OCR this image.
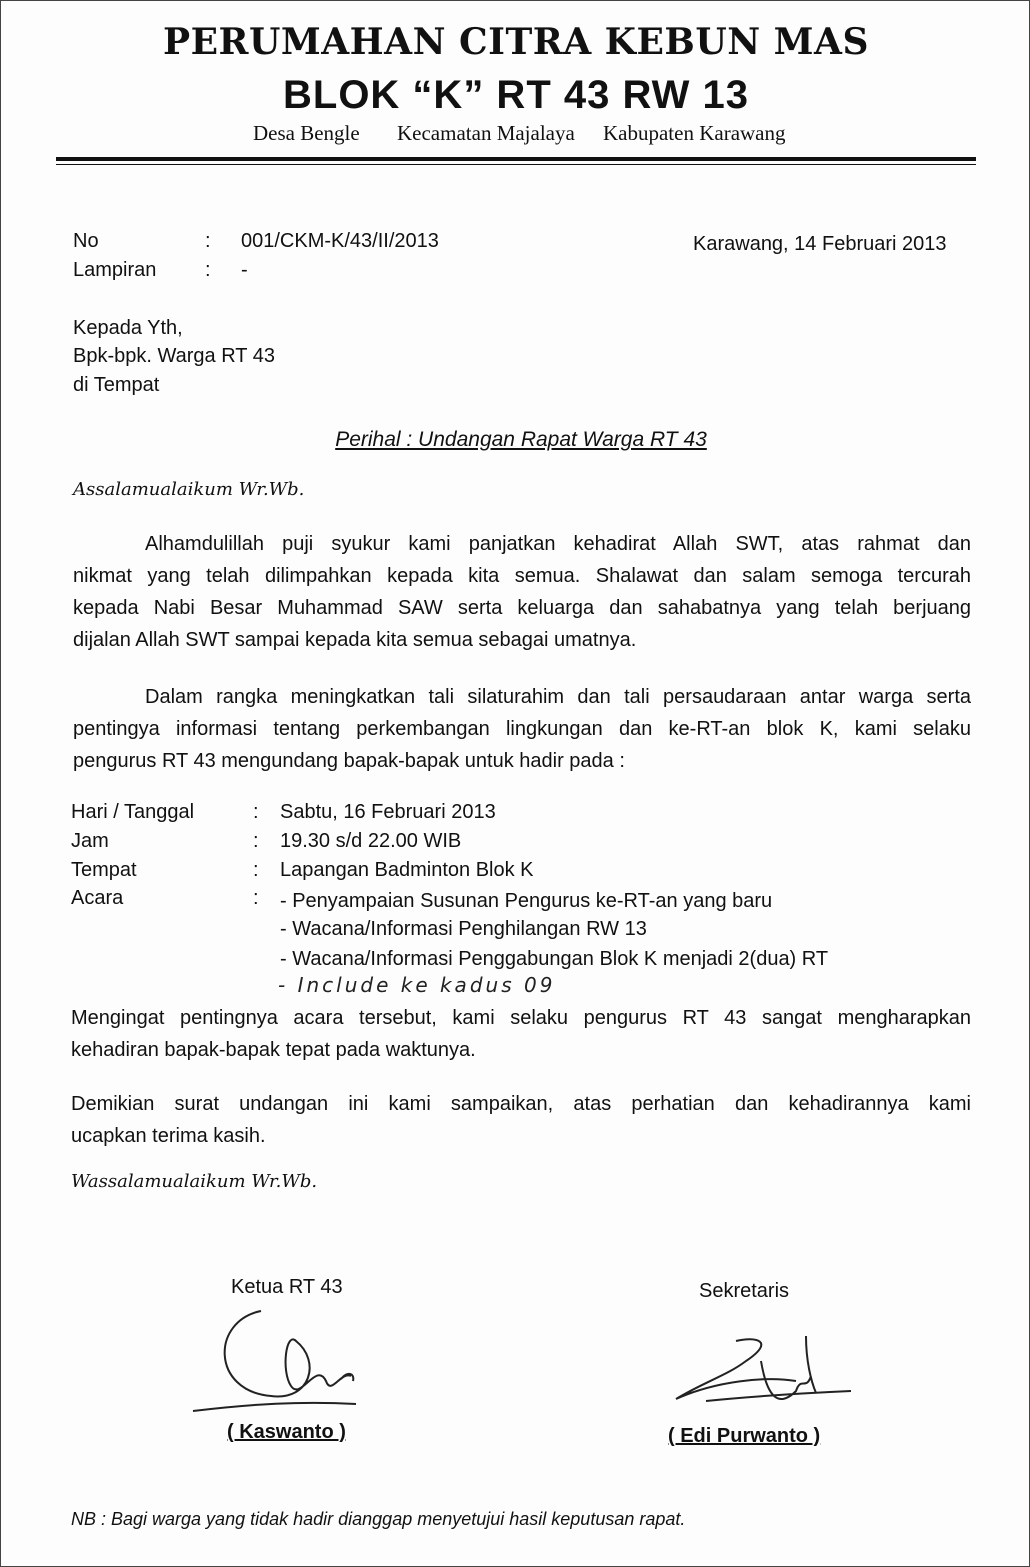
PERUMAHAN CITRA KEBUN MAS
BLOK “K” RT 43 RW 13
Desa Bengle Kecamatan Majalaya Kabupaten Karawang
No	: 001/CKM-K/43/II/2013	Karawang, 14 Februari 2013
Lampiran : -
Kepada Yth,
Bpk-bpk. Warga RT 43
di Tempat
Perihal : Undangan Rapat Warga RT 43
Assalamualaikum Wr.Wb.
Alhamdulillah puji syukur kami panjatkan kehadirat Allah SWT, atas rahmat dan
nikmat yang telah dilimpahkan kepada kita semua. Shalawat dan salam semoga tercurah
kepada Nabi Besar Muhammad SAW serta keluarga dan sahabatnya yang telah berjuang
dijalan Allah SWT sampai kepada kita semua sebagai umatnya.
Dalam rangka meningkatkan tali silaturahim dan tali persaudaraan antar warga serta
pentingya informasi tentang perkembangan lingkungan dan ke-RT-an blok K, kami selaku
pengurus RT 43 mengundang bapak-bapak untuk hadir pada :
Hari / Tanggal	: Sabtu, 16 Februari 2013
Jam	: 19.30 s/d 22.00 WIB
Tempat	: Lapangan Badminton Blok K
Acara	: - Penyampaian Susunan Pengurus ke-RT-an yang baru
- Wacana/Informasi Penghilangan RW 13
- Wacana/Informasi Penggabungan Blok K menjadi 2(dua) RT
- Include ke kadus 09
Mengingat pentingnya acara tersebut, kami selaku pengurus RT 43 sangat mengharapkan
kehadiran bapak-bapak tepat pada waktunya.
Demikian surat undangan ini kami sampaikan, atas perhatian dan kehadirannya kami
ucapkan terima kasih.
Wassalamualaikum Wr.Wb.
Ketua RT 43
( Kaswanto )
Sekretaris
( Edi Purwanto )
NB : Bagi warga yang tidak hadir dianggap menyetujui hasil keputusan rapat.
